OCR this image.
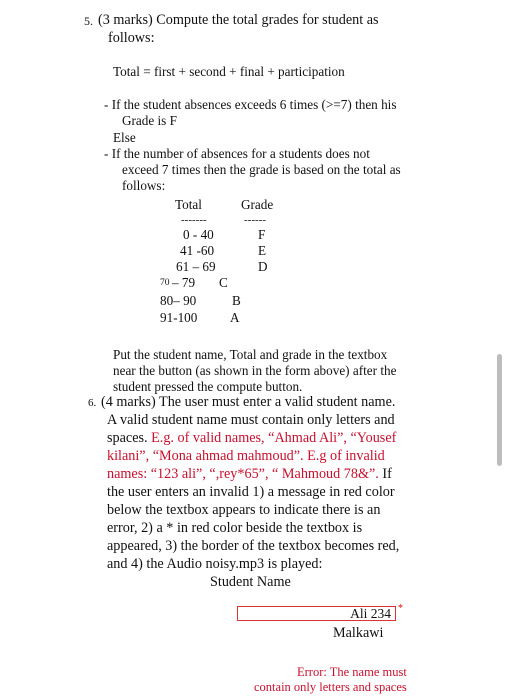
5. (3 marks) Compute the total grades for student as
follows:
Total = first + second + final + participation
- If the student absences exceeds 6 times (>=7) then his
Grade is F
Else
- If the number of absences for a students does not
exceed 7 times then the grade is based on the total as
follows:
Total	Grade
-------	------
0 - 40	F
41 -60	E
61 – 69	D
70 – 79 C
80– 90	B
91-100 A
Put the student name, Total and grade in the textbox
near the button (as shown in the form above) after the
student pressed the compute button.
6. (4 marks) The user must enter a valid student name.
A valid student name must contain only letters and
spaces. E.g. of valid names, “Ahmad Ali”, “Yousef
kilani”, “Mona ahmad mahmoud”. E.g of invalid
names: “123 ali”, “,rey*65”, “ Mahmoud 78&”. If
the user enters an invalid 1) a message in red color
below the textbox appears to indicate there is an
error, 2) a * in red color beside the textbox is
appeared, 3) the border of the textbox becomes red,
and 4) the Audio noisy.mp3 is played:
Student Name
Ali 234 *
Malkawi
Error: The name must
contain only letters and spaces
